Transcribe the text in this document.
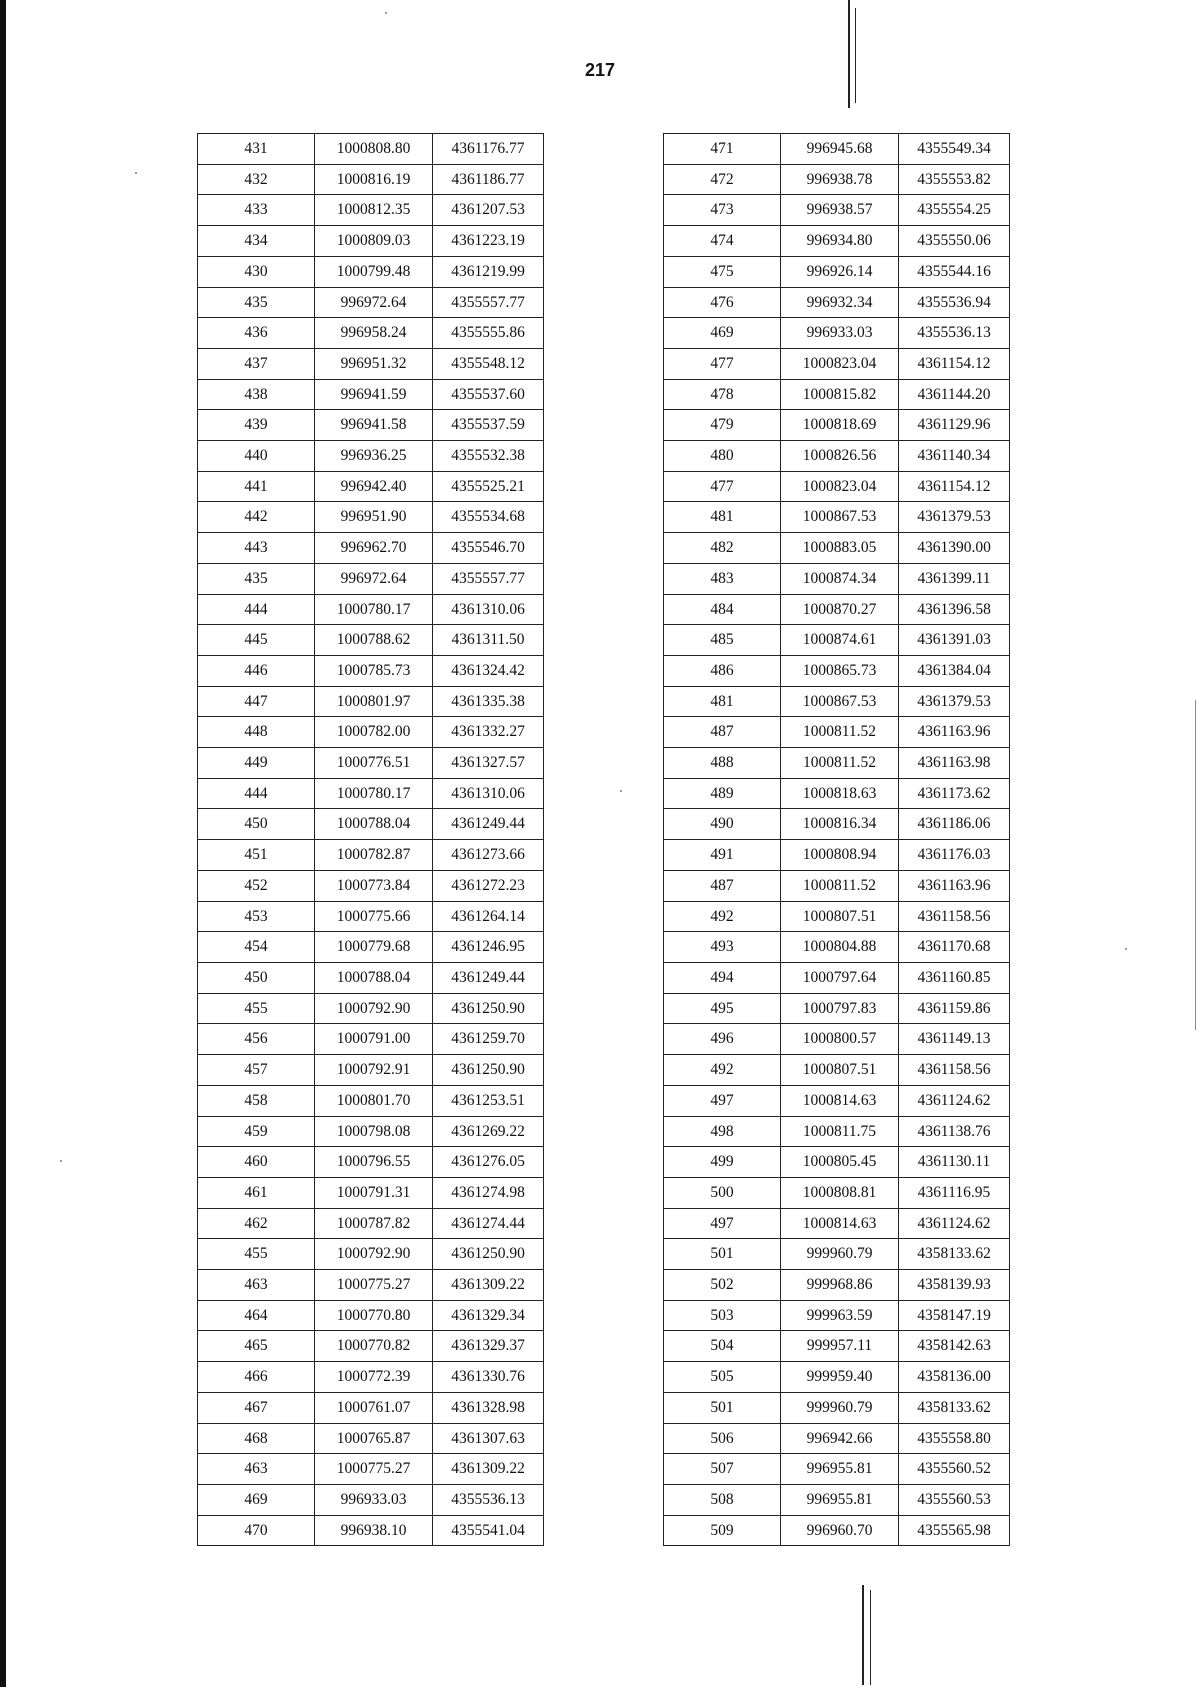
217
431	1000808.80	4361176.77
432	1000816.19	4361186.77
433	1000812.35	4361207.53
434	1000809.03	4361223.19
430	1000799.48	4361219.99
435	996972.64	4355557.77
436	996958.24	4355555.86
437	996951.32	4355548.12
438	996941.59	4355537.60
439	996941.58	4355537.59
440	996936.25	4355532.38
441	996942.40	4355525.21
442	996951.90	4355534.68
443	996962.70	4355546.70
435	996972.64	4355557.77
444	1000780.17	4361310.06
445	1000788.62	4361311.50
446	1000785.73	4361324.42
447	1000801.97	4361335.38
448	1000782.00	4361332.27
449	1000776.51	4361327.57
444	1000780.17	4361310.06
450	1000788.04	4361249.44
451	1000782.87	4361273.66
452	1000773.84	4361272.23
453	1000775.66	4361264.14
454	1000779.68	4361246.95
450	1000788.04	4361249.44
455	1000792.90	4361250.90
456	1000791.00	4361259.70
457	1000792.91	4361250.90
458	1000801.70	4361253.51
459	1000798.08	4361269.22
460	1000796.55	4361276.05
461	1000791.31	4361274.98
462	1000787.82	4361274.44
455	1000792.90	4361250.90
463	1000775.27	4361309.22
464	1000770.80	4361329.34
465	1000770.82	4361329.37
466	1000772.39	4361330.76
467	1000761.07	4361328.98
468	1000765.87	4361307.63
463	1000775.27	4361309.22
469	996933.03	4355536.13
470	996938.10	4355541.04
471	996945.68	4355549.34
472	996938.78	4355553.82
473	996938.57	4355554.25
474	996934.80	4355550.06
475	996926.14	4355544.16
476	996932.34	4355536.94
469	996933.03	4355536.13
477	1000823.04	4361154.12
478	1000815.82	4361144.20
479	1000818.69	4361129.96
480	1000826.56	4361140.34
477	1000823.04	4361154.12
481	1000867.53	4361379.53
482	1000883.05	4361390.00
483	1000874.34	4361399.11
484	1000870.27	4361396.58
485	1000874.61	4361391.03
486	1000865.73	4361384.04
481	1000867.53	4361379.53
487	1000811.52	4361163.96
488	1000811.52	4361163.98
489	1000818.63	4361173.62
490	1000816.34	4361186.06
491	1000808.94	4361176.03
487	1000811.52	4361163.96
492	1000807.51	4361158.56
493	1000804.88	4361170.68
494	1000797.64	4361160.85
495	1000797.83	4361159.86
496	1000800.57	4361149.13
492	1000807.51	4361158.56
497	1000814.63	4361124.62
498	1000811.75	4361138.76
499	1000805.45	4361130.11
500	1000808.81	4361116.95
497	1000814.63	4361124.62
501	999960.79	4358133.62
502	999968.86	4358139.93
503	999963.59	4358147.19
504	999957.11	4358142.63
505	999959.40	4358136.00
501	999960.79	4358133.62
506	996942.66	4355558.80
507	996955.81	4355560.52
508	996955.81	4355560.53
509	996960.70	4355565.98
